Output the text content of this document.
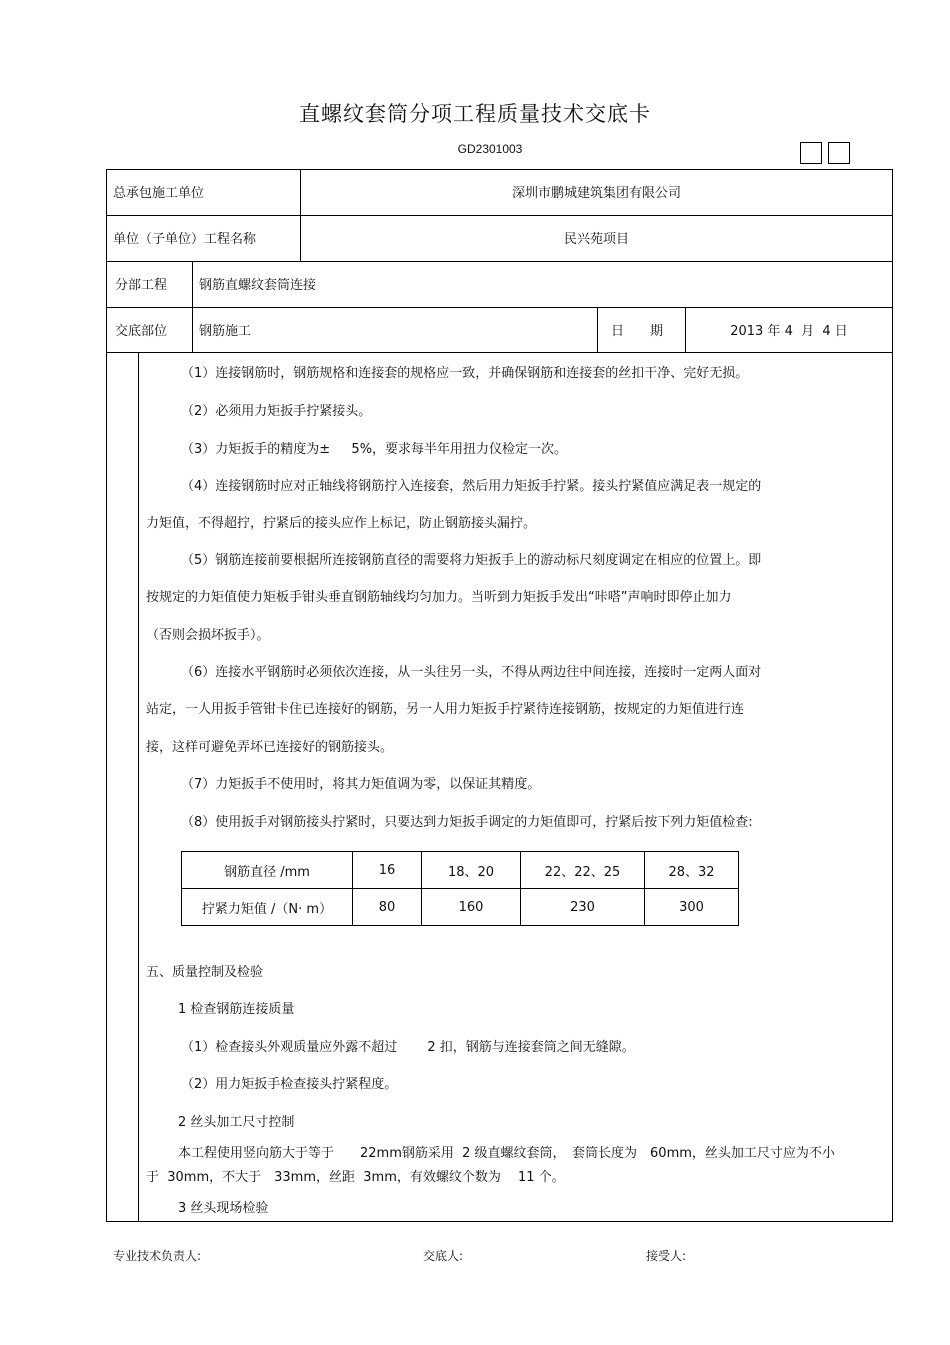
直螺纹套筒分项工程质量技术交底卡
GD2301003
总承包施工单位	深圳市鹏城建筑集团有限公司
单位（子单位）工程名称	民兴苑项目
分部工程 钢筋直螺纹套筒连接
交底部位 钢筋施工	日　　期	2013 年 4  月  4 日
（1）连接钢筋时，钢筋规格和连接套的规格应一致，并确保钢筋和连接套的丝扣干净、完好无损。
（2）必须用力矩扳手拧紧接头。
（3）力矩扳手的精度为±　  5%，要求每半年用扭力仪检定一次。
（4）连接钢筋时应对正轴线将钢筋拧入连接套，然后用力矩扳手拧紧。接头拧紧值应满足表一规定的
力矩值，不得超拧，拧紧后的接头应作上标记，防止钢筋接头漏拧。
（5）钢筋连接前要根据所连接钢筋直径的需要将力矩扳手上的游动标尺刻度调定在相应的位置上。即
按规定的力矩值使力矩板手钳头垂直钢筋轴线均匀加力。当听到力矩扳手发出“咔嗒”声响时即停止加力
（否则会损坏扳手）。
（6）连接水平钢筋时必须依次连接，从一头往另一头，不得从两边往中间连接，连接时一定两人面对
站定，一人用扳手管钳卡住已连接好的钢筋，另一人用力矩扳手拧紧待连接钢筋，按规定的力矩值进行连
接，这样可避免弄坏已连接好的钢筋接头。
（7）力矩扳手不使用时，将其力矩值调为零，以保证其精度。
（8）使用扳手对钢筋接头拧紧时，只要达到力矩扳手调定的力矩值即可，拧紧后按下列力矩值检查:
钢筋直径 /mm	16	18、20	22、22、25	28、32
拧紧力矩值 /（N· m）	80	160	230	300
五、质量控制及检验
1 检查钢筋连接质量
（1）检查接头外观质量应外露不超过　　 2 扣，钢筋与连接套筒之间无缝隙。
（2）用力矩扳手检查接头拧紧程度。
2 丝头加工尺寸控制
本工程使用竖向筋大于等于　　22mm钢筋采用  2 级直螺纹套筒，　套筒长度为　60mm，丝头加工尺寸应为不小
于  30mm，不大于　33mm，丝距  3mm，有效螺纹个数为　 11 个。
3 丝头现场检验
专业技术负责人:	交底人:	接受人:
